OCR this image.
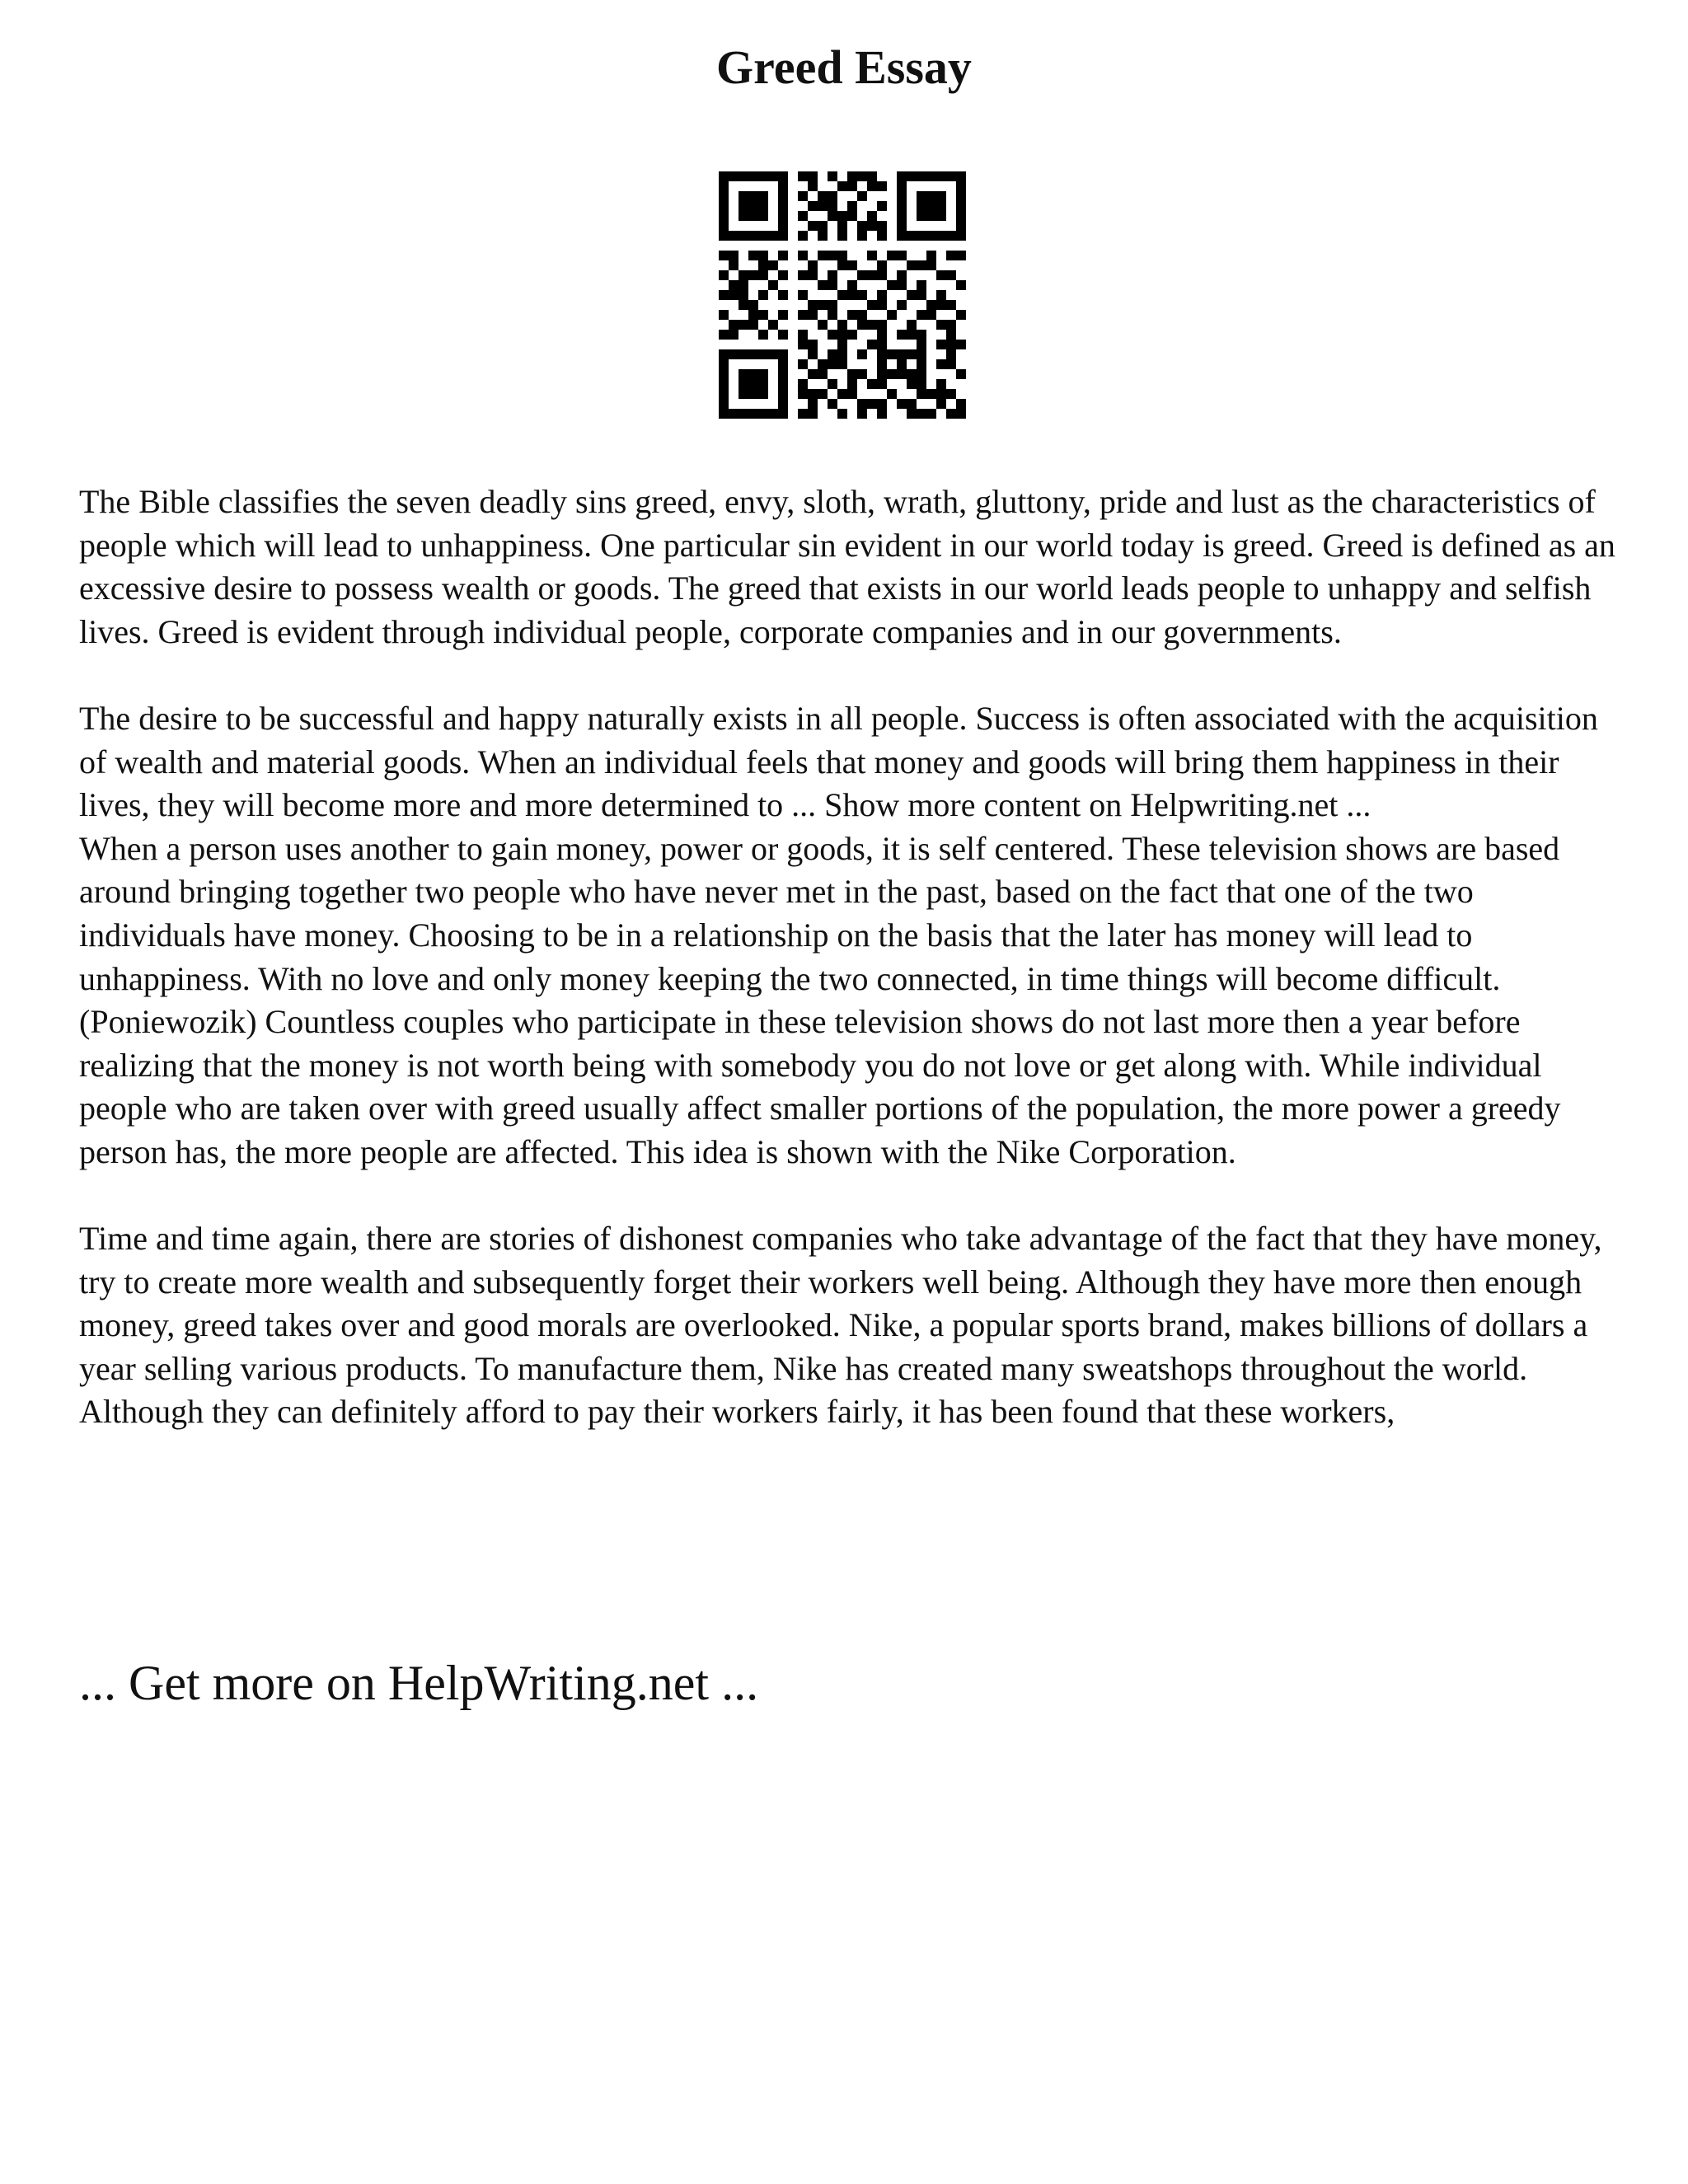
Greed Essay

The Bible classifies the seven deadly sins greed, envy, sloth, wrath, gluttony, pride and lust as the characteristics of people which will lead to unhappiness. One particular sin evident in our world today is greed. Greed is defined as an excessive desire to possess wealth or goods. The greed that exists in our world leads people to unhappy and selfish lives. Greed is evident through individual people, corporate companies and in our governments.

The desire to be successful and happy naturally exists in all people. Success is often associated with the acquisition of wealth and material goods. When an individual feels that money and goods will bring them happiness in their lives, they will become more and more determined to ... Show more content on Helpwriting.net ...

When a person uses another to gain money, power or goods, it is self centered. These television shows are based around bringing together two people who have never met in the past, based on the fact that one of the two individuals have money. Choosing to be in a relationship on the basis that the later has money will lead to unhappiness. With no love and only money keeping the two connected, in time things will become difficult. (Poniewozik) Countless couples who participate in these television shows do not last more then a year before realizing that the money is not worth being with somebody you do not love or get along with. While individual people who are taken over with greed usually affect smaller portions of the population, the more power a greedy person has, the more people are affected. This idea is shown with the Nike Corporation.

Time and time again, there are stories of dishonest companies who take advantage of the fact that they have money, try to create more wealth and subsequently forget their workers well being. Although they have more then enough money, greed takes over and good morals are overlooked. Nike, a popular sports brand, makes billions of dollars a year selling various products. To manufacture them, Nike has created many sweatshops throughout the world. Although they can definitely afford to pay their workers fairly, it has been found that these workers,

... Get more on HelpWriting.net ...
